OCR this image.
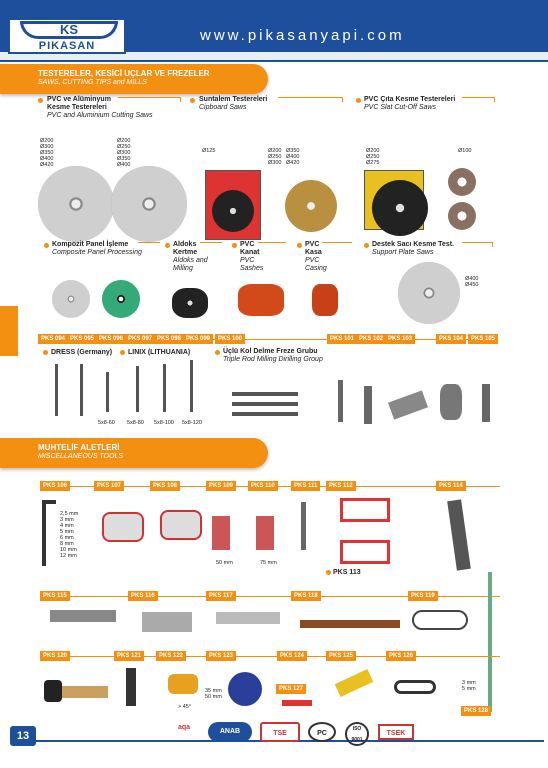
KS
PIKASAN
www.pikasanyapi.com
TESTERELER, KESİCİ UÇLAR VE FREZELER
SAWS, CUTTING TIPS and MILLS
PVC ve Alüminyum
Kesme Testereleri
PVC and Aluminium Cutting Saws
Ø200
Ø300
Ø350
Ø400
Ø420
Ø200
Ø250
Ø300
Ø350
Ø400
Suntalem Testereleri
Cipboard Saws
Ø125	Ø200
Ø250
Ø300
Ø350
Ø400
Ø420
PVC Çıta Kesme Testereleri
PVC Slat Cut-Off Saws
Ø200
Ø250
Ø275
Ø100
Kompozit Panel İşleme
Composite Panel Processing
Aldoks
Kertme
Aldoks and
Milling
PVC
Kanat
PVC
Sashes
PVC
Kasa
PVC
Casing
Destek Sacı Kesme Test.
Support Plate Saws
Ø400
Ø450
PKS 094 PKS 095 PKS 096 PKS 097 PKS 098 PKS 099	PKS 100	PKS 101 PKS 102 PKS 103	PKS 104	PKS 105
DRESS (Germany) LINIX (LITHUANIA)	Üçlü Kol Delme Freze Grubu
Triple Rod Milling Dirilling Group
5x8-60 5x8-80 5x8-100 5x8-120
MUHTELİF ALETLERİ
MISCELLANEOUS TOOLS
PKS 106	PKS 107	PKS 108	PKS 109	PKS 110	PKS 111	PKS 112	PKS 114
2,5 mm
3 mm
4 mm
5 mm
6 mm
8 mm
10 mm
12 mm
50 mm	75 mm
PKS 113
PKS 115	PKS 116	PKS 117	PKS 118	PKS 119
PKS 120	PKS 121	PKS 122	PKS 123	PKS 124	PKS 125	PKS 126
> 45°
35 mm
50 mm
PKS 127
3 mm
5 mm
PKS 128
13
aqa
ANAB	TSE	PC
ISO 9001
TSEK
